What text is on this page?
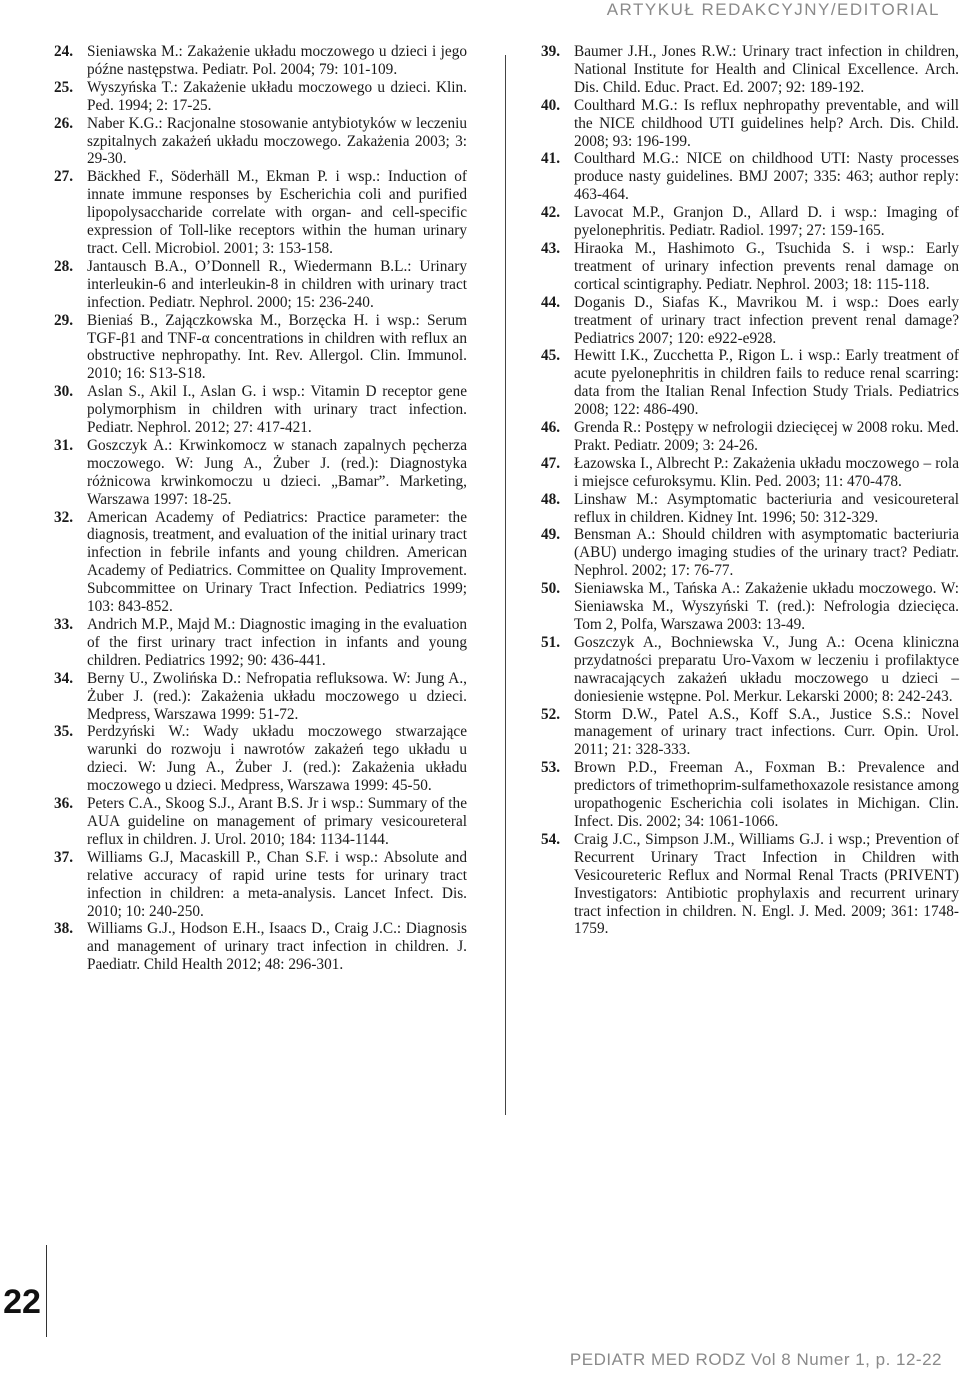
ARTYKUŁ REDAKCYJNY/EDITORIAL

24. Sieniawska M.: Zakażenie układu moczowego u dzieci i jego późne następstwa. Pediatr. Pol. 2004; 79: 101-109.

25. Wyszyńska T.: Zakażenie układu moczowego u dzieci. Klin. Ped. 1994; 2: 17-25.

26. Naber K.G.: Racjonalne stosowanie antybiotyków w leczeniu szpitalnych zakażeń układu moczowego. Zakażenia 2003; 3: 29-30.

27. Bäckhed F., Söderhäll M., Ekman P. i wsp.: Induction of innate immune responses by Escherichia coli and purified lipopolysaccharide correlate with organ- and cell-specific expression of Toll-like receptors within the human urinary tract. Cell. Microbiol. 2001; 3: 153-158.

28. Jantausch B.A., O’Donnell R., Wiedermann B.L.: Urinary interleukin-6 and interleukin-8 in children with urinary tract infection. Pediatr. Nephrol. 2000; 15: 236-240.

29. Bieniaś B., Zajączkowska M., Borzęcka H. i wsp.: Serum TGF-β1 and TNF-α concentrations in children with reflux an obstructive nephropathy. Int. Rev. Allergol. Clin. Immunol. 2010; 16: S13-S18.

30. Aslan S., Akil I., Aslan G. i wsp.: Vitamin D receptor gene polymorphism in children with urinary tract infection. Pediatr. Nephrol. 2012; 27: 417-421.

31. Goszczyk A.: Krwinkomocz w stanach zapalnych pęcherza moczowego. W: Jung A., Żuber J. (red.): Diagnostyka różnicowa krwinkomoczu u dzieci. „Bamar”. Marketing, Warszawa 1997: 18-25.

32. American Academy of Pediatrics: Practice parameter: the diagnosis, treatment, and evaluation of the initial urinary tract infection in febrile infants and young children. American Academy of Pediatrics. Committee on Quality Improvement. Subcommittee on Urinary Tract Infection. Pediatrics 1999; 103: 843-852.

33. Andrich M.P., Majd M.: Diagnostic imaging in the evaluation of the first urinary tract infection in infants and young children. Pediatrics 1992; 90: 436-441.

34. Berny U., Zwolińska D.: Nefropatia refluksowa. W: Jung A., Żuber J. (red.): Zakażenia układu moczowego u dzieci. Medpress, Warszawa 1999: 51-72.

35. Perdzyński W.: Wady układu moczowego stwarzające warunki do rozwoju i nawrotów zakażeń tego układu u dzieci. W: Jung A., Żuber J. (red.): Zakażenia układu moczowego u dzieci. Medpress, Warszawa 1999: 45-50.

36. Peters C.A., Skoog S.J., Arant B.S. Jr i wsp.: Summary of the AUA guideline on management of primary vesicoureteral reflux in children. J. Urol. 2010; 184: 1134-1144.

37. Williams G.J, Macaskill P., Chan S.F. i wsp.: Absolute and relative accuracy of rapid urine tests for urinary tract infection in children: a meta-analysis. Lancet Infect. Dis. 2010; 10: 240-250.

38. Williams G.J., Hodson E.H., Isaacs D., Craig J.C.: Diagnosis and management of urinary tract infection in children. J. Paediatr. Child Health 2012; 48: 296-301.

39. Baumer J.H., Jones R.W.: Urinary tract infection in children, National Institute for Health and Clinical Excellence. Arch. Dis. Child. Educ. Pract. Ed. 2007; 92: 189-192.

40. Coulthard M.G.: Is reflux nephropathy preventable, and will the NICE childhood UTI guidelines help? Arch. Dis. Child. 2008; 93: 196-199.

41. Coulthard M.G.: NICE on childhood UTI: Nasty processes produce nasty guidelines. BMJ 2007; 335: 463; author reply: 463-464.

42. Lavocat M.P., Granjon D., Allard D. i wsp.: Imaging of pyelonephritis. Pediatr. Radiol. 1997; 27: 159-165.

43. Hiraoka M., Hashimoto G., Tsuchida S. i wsp.: Early treatment of urinary infection prevents renal damage on cortical scintigraphy. Pediatr. Nephrol. 2003; 18: 115-118.

44. Doganis D., Siafas K., Mavrikou M. i wsp.: Does early treatment of urinary tract infection prevent renal damage? Pediatrics 2007; 120: e922-e928.

45. Hewitt I.K., Zucchetta P., Rigon L. i wsp.: Early treatment of acute pyelonephritis in children fails to reduce renal scarring: data from the Italian Renal Infection Study Trials. Pediatrics 2008; 122: 486-490.

46. Grenda R.: Postępy w nefrologii dziecięcej w 2008 roku. Med. Prakt. Pediatr. 2009; 3: 24-26.

47. Łazowska I., Albrecht P.: Zakażenia układu moczowego – rola i miejsce cefuroksymu. Klin. Ped. 2003; 11: 470-478.

48. Linshaw M.: Asymptomatic bacteriuria and vesicoureteral reflux in children. Kidney Int. 1996; 50: 312-329.

49. Bensman A.: Should children with asymptomatic bacteriuria (ABU) undergo imaging studies of the urinary tract? Pediatr. Nephrol. 2002; 17: 76-77.

50. Sieniawska M., Tańska A.: Zakażenie układu moczowego. W: Sieniawska M., Wyszyński T. (red.): Nefrologia dziecięca. Tom 2, Polfa, Warszawa 2003: 13-49.

51. Goszczyk A., Bochniewska V., Jung A.: Ocena kliniczna przydatności preparatu Uro-Vaxom w leczeniu i profilaktyce nawracających zakażeń układu moczowego u dzieci – doniesienie wstępne. Pol. Merkur. Lekarski 2000; 8: 242-243.

52. Storm D.W., Patel A.S., Koff S.A., Justice S.S.: Novel management of urinary tract infections. Curr. Opin. Urol. 2011; 21: 328-333.

53. Brown P.D., Freeman A., Foxman B.: Prevalence and predictors of trimethoprim-sulfamethoxazole resistance among uropathogenic Escherichia coli isolates in Michigan. Clin. Infect. Dis. 2002; 34: 1061-1066.

54. Craig J.C., Simpson J.M., Williams G.J. i wsp.; Prevention of Recurrent Urinary Tract Infection in Children with Vesicoureteric Reflux and Normal Renal Tracts (PRIVENT) Investigators: Antibiotic prophylaxis and recurrent urinary tract infection in children. N. Engl. J. Med. 2009; 361: 1748-1759.

22
PEDIATR MED RODZ Vol 8 Numer 1, p. 12-22
